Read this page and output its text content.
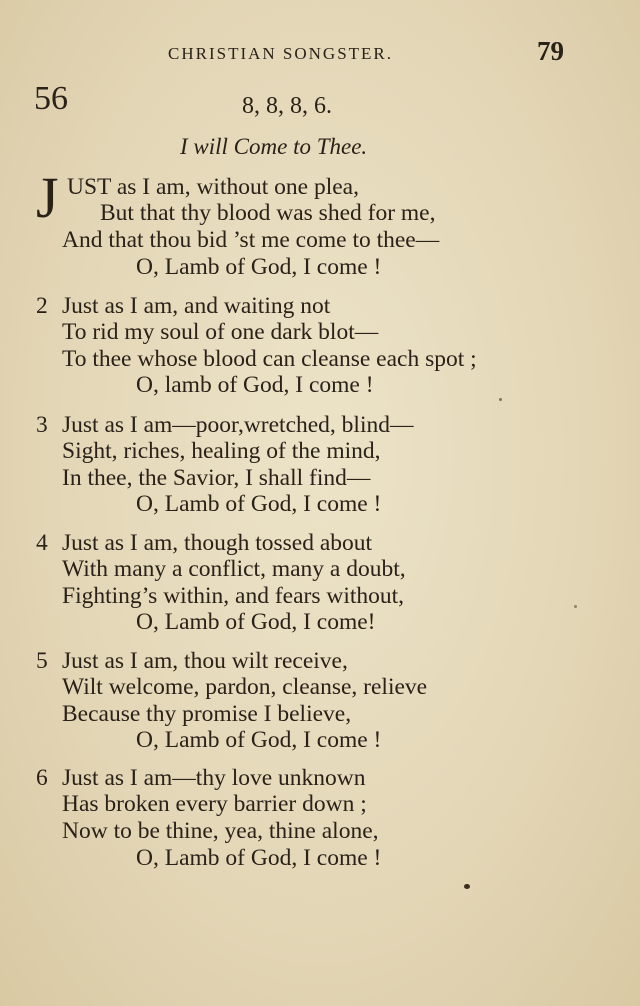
CHRISTIAN SONGSTER.	79
56	8, 8, 8, 6.
I will Come to Thee.
J UST as I am, without one plea,
But that thy blood was shed for me,
And that thou bid ’st me come to thee—
O, Lamb of God, I come !
2 Just as I am, and waiting not
To rid my soul of one dark blot—
To thee whose blood can cleanse each spot ;
O, lamb of God, I come !
3 Just as I am—poor,wretched, blind—
Sight, riches, healing of the mind,
In thee, the Savior, I shall find—
O, Lamb of God, I come !
4 Just as I am, though tossed about
With many a conflict, many a doubt,
Fighting’s within, and fears without,
O, Lamb of God, I come!
5 Just as I am, thou wilt receive,
Wilt welcome, pardon, cleanse, relieve
Because thy promise I believe,
O, Lamb of God, I come !
6 Just as I am—thy love unknown
Has broken every barrier down ;
Now to be thine, yea, thine alone,
O, Lamb of God, I come !
